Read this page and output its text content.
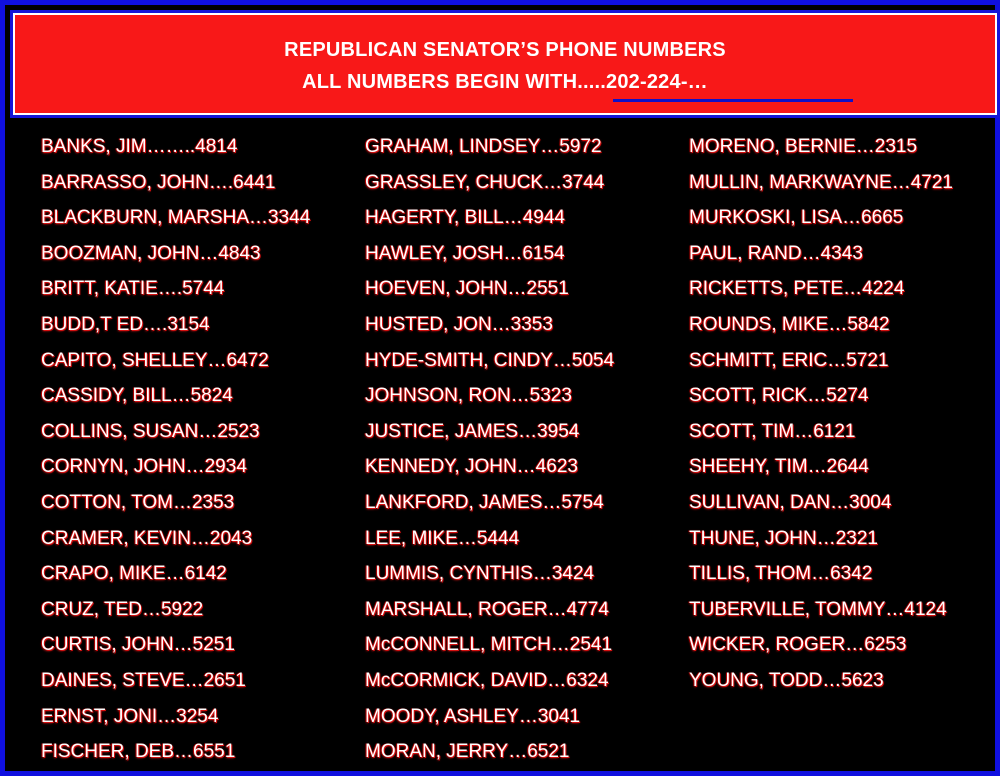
REPUBLICAN SENATOR’S PHONE NUMBERS
ALL NUMBERS BEGIN WITH.....202-224-…
BANKS, JIM……..4814
BARRASSO, JOHN….6441
BLACKBURN, MARSHA…3344
BOOZMAN, JOHN…4843
BRITT, KATIE….5744
BUDD,T ED….3154
CAPITO, SHELLEY…6472
CASSIDY, BILL…5824
COLLINS, SUSAN…2523
CORNYN, JOHN…2934
COTTON, TOM…2353
CRAMER, KEVIN…2043
CRAPO, MIKE…6142
CRUZ, TED…5922
CURTIS, JOHN…5251
DAINES, STEVE…2651
ERNST, JONI…3254
FISCHER, DEB…6551
GRAHAM, LINDSEY…5972
GRASSLEY, CHUCK…3744
HAGERTY, BILL…4944
HAWLEY, JOSH…6154
HOEVEN, JOHN…2551
HUSTED, JON…3353
HYDE-SMITH, CINDY…5054
JOHNSON, RON…5323
JUSTICE, JAMES…3954
KENNEDY, JOHN…4623
LANKFORD, JAMES…5754
LEE, MIKE…5444
LUMMIS, CYNTHIS…3424
MARSHALL, ROGER…4774
McCONNELL, MITCH…2541
McCORMICK, DAVID…6324
MOODY, ASHLEY…3041
MORAN, JERRY…6521
MORENO, BERNIE…2315
MULLIN, MARKWAYNE…4721
MURKOSKI, LISA…6665
PAUL, RAND…4343
RICKETTS, PETE…4224
ROUNDS, MIKE…5842
SCHMITT, ERIC…5721
SCOTT, RICK…5274
SCOTT, TIM…6121
SHEEHY, TIM…2644
SULLIVAN, DAN…3004
THUNE, JOHN…2321
TILLIS, THOM…6342
TUBERVILLE, TOMMY…4124
WICKER, ROGER…6253
YOUNG, TODD…5623
